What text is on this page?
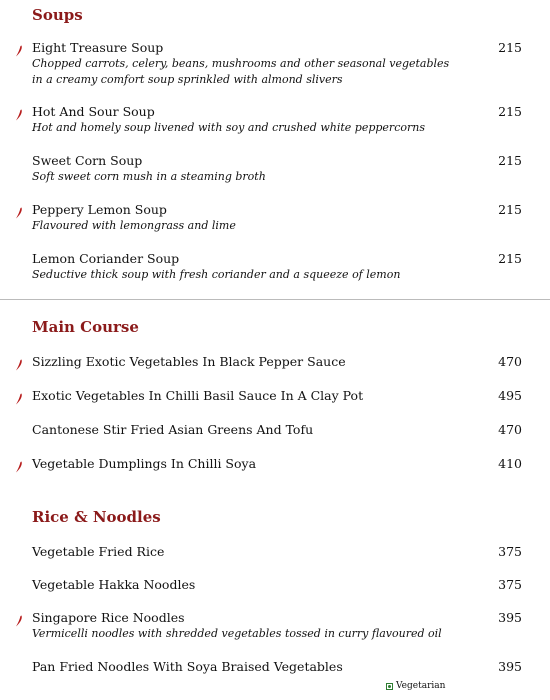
Soups
Eight Treasure Soup	215
Chopped carrots, celery, beans, mushrooms and other seasonal vegetables
in a creamy comfort soup sprinkled with almond slivers
Hot And Sour Soup	215
Hot and homely soup livened with soy and crushed white peppercorns
Sweet Corn Soup	215
Soft sweet corn mush in a steaming broth
Peppery Lemon Soup	215
Flavoured with lemongrass and lime
Lemon Coriander Soup	215
Seductive thick soup with fresh coriander and a squeeze of lemon
Main Course
Sizzling Exotic Vegetables In Black Pepper Sauce	470
Exotic Vegetables In Chilli Basil Sauce In A Clay Pot	495
Cantonese Stir Fried Asian Greens And Tofu	470
Vegetable Dumplings In Chilli Soya	410
Rice & Noodles
Vegetable Fried Rice	375
Vegetable Hakka Noodles	375
Singapore Rice Noodles	395
Vermicelli noodles with shredded vegetables tossed in curry flavoured oil
Pan Fried Noodles With Soya Braised Vegetables	395
Vegetarian
